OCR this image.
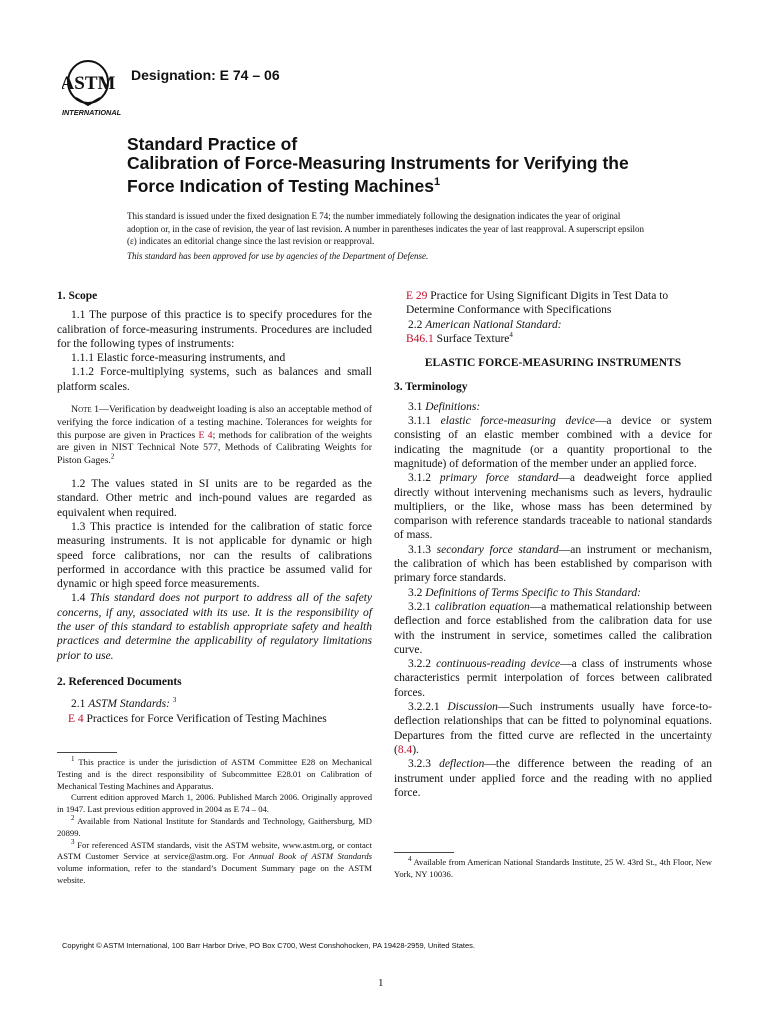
ASTM
INTERNATIONAL
Designation: E 74 – 06
Standard Practice of
Calibration of Force-Measuring Instruments for Verifying the
Force Indication of Testing Machines$^1$
This standard is issued under the fixed designation E 74; the number immediately following the designation indicates the year of original adoption or, in the case of revision, the year of last revision. A number in parentheses indicates the year of last reapproval. A superscript epsilon (ε) indicates an editorial change since the last revision or reapproval.
This standard has been approved for use by agencies of the Department of Defense.

1. Scope

1.1 The purpose of this practice is to specify procedures for the calibration of force-measuring instruments. Procedures are included for the following types of instruments:

1.1.1 Elastic force-measuring instruments, and

1.1.2 Force-multiplying systems, such as balances and small platform scales.

Note 1—Verification by deadweight loading is also an acceptable method of verifying the force indication of a testing machine. Tolerances for weights for this purpose are given in Practices E 4; methods for calibration of the weights are given in NIST Technical Note 577, Methods of Calibrating Weights for Piston Gages.$^2$

1.2 The values stated in SI units are to be regarded as the standard. Other metric and inch-pound values are regarded as equivalent when required.

1.3 This practice is intended for the calibration of static force measuring instruments. It is not applicable for dynamic or high speed force calibrations, nor can the results of calibrations performed in accordance with this practice be assumed valid for dynamic or high speed force measurements.

1.4 This standard does not purport to address all of the safety concerns, if any, associated with its use. It is the responsibility of the user of this standard to establish appropriate safety and health practices and determine the applicability of regulatory limitations prior to use.

2. Referenced Documents

2.1 ASTM Standards: $^3$

E 4 Practices for Force Verification of Testing Machines

$^1$ This practice is under the jurisdiction of ASTM Committee E28 on Mechanical Testing and is the direct responsibility of Subcommittee E28.01 on Calibration of Mechanical Testing Machines and Apparatus.
Current edition approved March 1, 2006. Published March 2006. Originally approved in 1947. Last previous edition approved in 2004 as E 74 – 04.
$^2$ Available from National Institute for Standards and Technology, Gaithersburg, MD 20899.
$^3$ For referenced ASTM standards, visit the ASTM website, www.astm.org, or contact ASTM Customer Service at service@astm.org. For Annual Book of ASTM Standards volume information, refer to the standard’s Document Summary page on the ASTM website.

E 29 Practice for Using Significant Digits in Test Data to Determine Conformance with Specifications

2.2 American National Standard:

B46.1 Surface Texture$^4$

ELASTIC FORCE-MEASURING INSTRUMENTS

3. Terminology

3.1 Definitions:

3.1.1 elastic force-measuring device—a device or system consisting of an elastic member combined with a device for indicating the magnitude (or a quantity proportional to the magnitude) of deformation of the member under an applied force.

3.1.2 primary force standard—a deadweight force applied directly without intervening mechanisms such as levers, hydraulic multipliers, or the like, whose mass has been determined by comparison with reference standards traceable to national standards of mass.

3.1.3 secondary force standard—an instrument or mechanism, the calibration of which has been established by comparison with primary force standards.

3.2 Definitions of Terms Specific to This Standard:

3.2.1 calibration equation—a mathematical relationship between deflection and force established from the calibration data for use with the instrument in service, sometimes called the calibration curve.

3.2.2 continuous-reading device—a class of instruments whose characteristics permit interpolation of forces between calibrated forces.

3.2.2.1 Discussion—Such instruments usually have force-to-deflection relationships that can be fitted to polynominal equations. Departures from the fitted curve are reflected in the uncertainty (8.4).

3.2.3 deflection—the difference between the reading of an instrument under applied force and the reading with no applied force.

$^4$ Available from American National Standards Institute, 25 W. 43rd St., 4th Floor, New York, NY 10036.
Copyright © ASTM International, 100 Barr Harbor Drive, PO Box C700, West Conshohocken, PA 19428-2959, United States.
1
